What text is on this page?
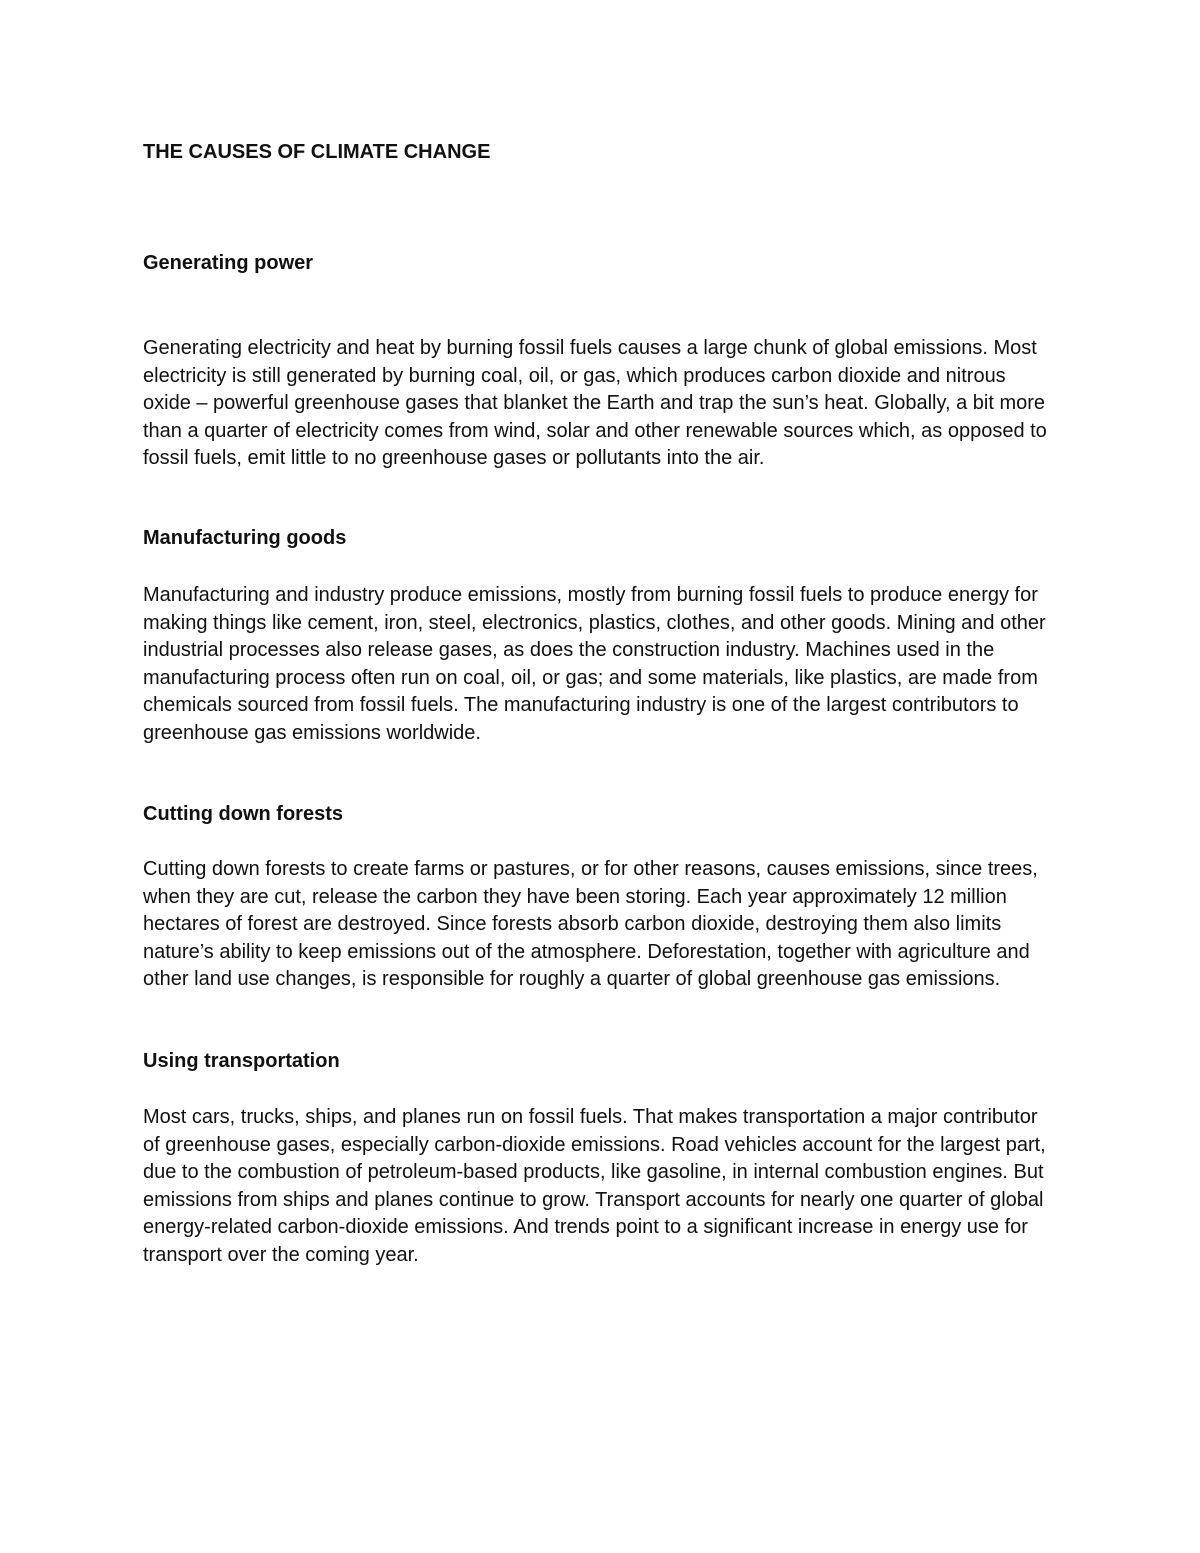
THE CAUSES OF CLIMATE CHANGE
Generating power

Generating electricity and heat by burning fossil fuels causes a large chunk of global emissions. Most electricity is still generated by burning coal, oil, or gas, which produces carbon dioxide and nitrous oxide – powerful greenhouse gases that blanket the Earth and trap the sun’s heat. Globally, a bit more than a quarter of electricity comes from wind, solar and other renewable sources which, as opposed to fossil fuels, emit little to no greenhouse gases or pollutants into the air.

Manufacturing goods

Manufacturing and industry produce emissions, mostly from burning fossil fuels to produce energy for making things like cement, iron, steel, electronics, plastics, clothes, and other goods. Mining and other industrial processes also release gases, as does the construction industry. Machines used in the manufacturing process often run on coal, oil, or gas; and some materials, like plastics, are made from chemicals sourced from fossil fuels. The manufacturing industry is one of the largest contributors to greenhouse gas emissions worldwide.

Cutting down forests

Cutting down forests to create farms or pastures, or for other reasons, causes emissions, since trees, when they are cut, release the carbon they have been storing. Each year approximately 12 million hectares of forest are destroyed. Since forests absorb carbon dioxide, destroying them also limits nature’s ability to keep emissions out of the atmosphere. Deforestation, together with agriculture and other land use changes, is responsible for roughly a quarter of global greenhouse gas emissions.

Using transportation

Most cars, trucks, ships, and planes run on fossil fuels. That makes transportation a major contributor of greenhouse gases, especially carbon-dioxide emissions. Road vehicles account for the largest part, due to the combustion of petroleum-based products, like gasoline, in internal combustion engines. But emissions from ships and planes continue to grow. Transport accounts for nearly one quarter of global energy-related carbon-dioxide emissions. And trends point to a significant increase in energy use for transport over the coming year.
